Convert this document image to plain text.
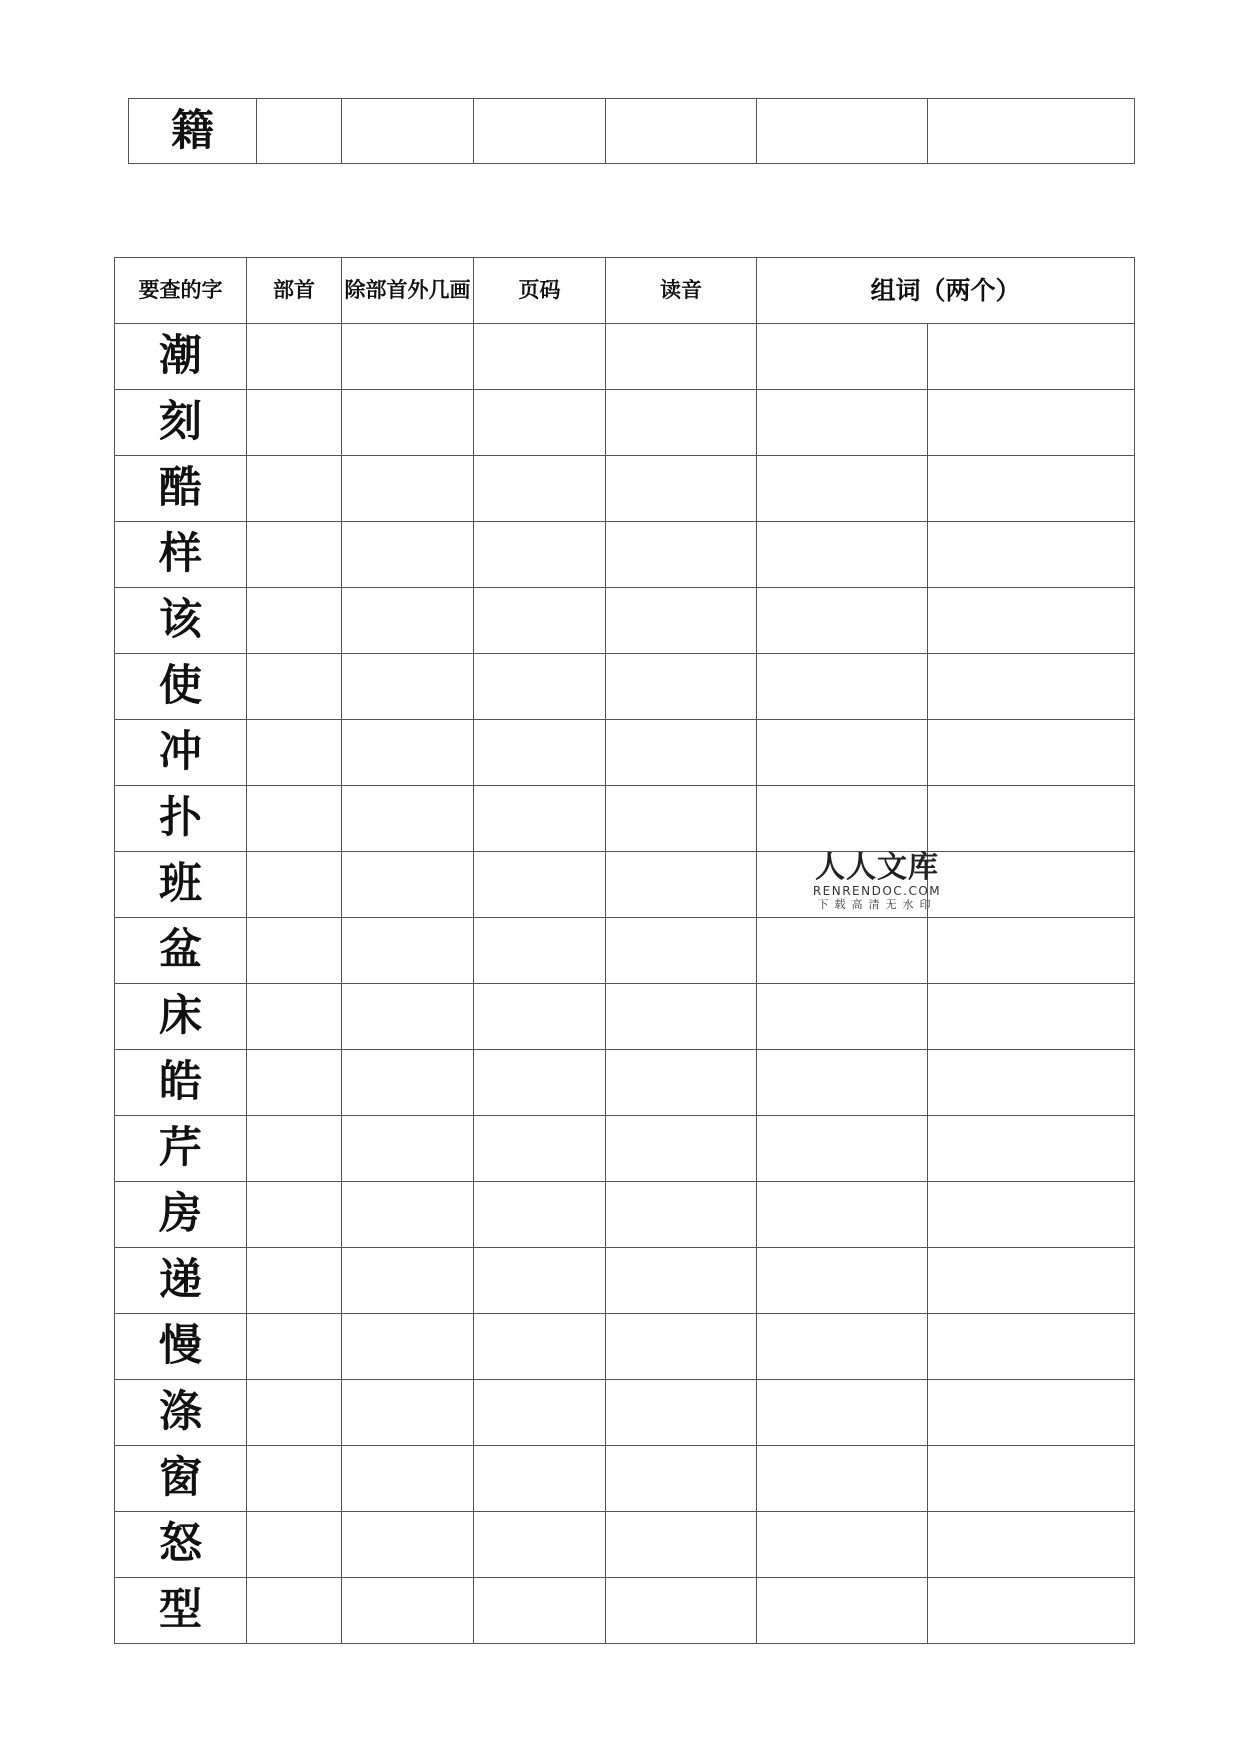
籍						
要查的字	部首	除部首外几画	页码	读音	组词（两个）	
潮						
刻						
酷						
样						
该						
使						
冲						
扑						
班						
盆						
床						
皓						
芹						
房						
递						
慢						
涤						
窗						
怒						
型						
人人文库
RENRENDOC.COM
下载高清无水印
